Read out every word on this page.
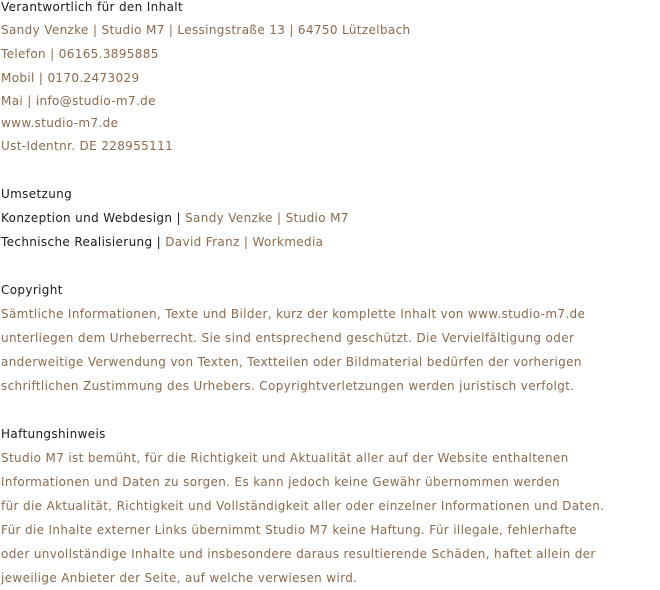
Verantwortlich für den Inhalt

Sandy Venzke | Studio M7 | Lessingstraße 13 | 64750 Lützelbach

Telefon | 06165.3895885

Mobil | 0170.2473029

Mai | info@studio-m7.de

www.studio-m7.de

Ust-Identnr. DE 228955111

Umsetzung

Konzeption und Webdesign | Sandy Venzke | Studio M7

Technische Realisierung | David Franz | Workmedia

Copyright

Sämtliche Informationen, Texte und Bilder, kurz der komplette Inhalt von www.studio-m7.de

unterliegen dem Urheberrecht. Sie sind entsprechend geschützt. Die Vervielfältigung oder

anderweitige Verwendung von Texten, Textteilen oder Bildmaterial bedürfen der vorherigen

schriftlichen Zustimmung des Urhebers. Copyrightverletzungen werden juristisch verfolgt.

Haftungshinweis

Studio M7 ist bemüht, für die Richtigkeit und Aktualität aller auf der Website enthaltenen

Informationen und Daten zu sorgen. Es kann jedoch keine Gewähr übernommen werden

für die Aktualität, Richtigkeit und Vollständigkeit aller oder einzelner Informationen und Daten.

Für die Inhalte externer Links übernimmt Studio M7 keine Haftung. Für illegale, fehlerhafte

oder unvollständige Inhalte und insbesondere daraus resultierende Schäden, haftet allein der

jeweilige Anbieter der Seite, auf welche verwiesen wird.
